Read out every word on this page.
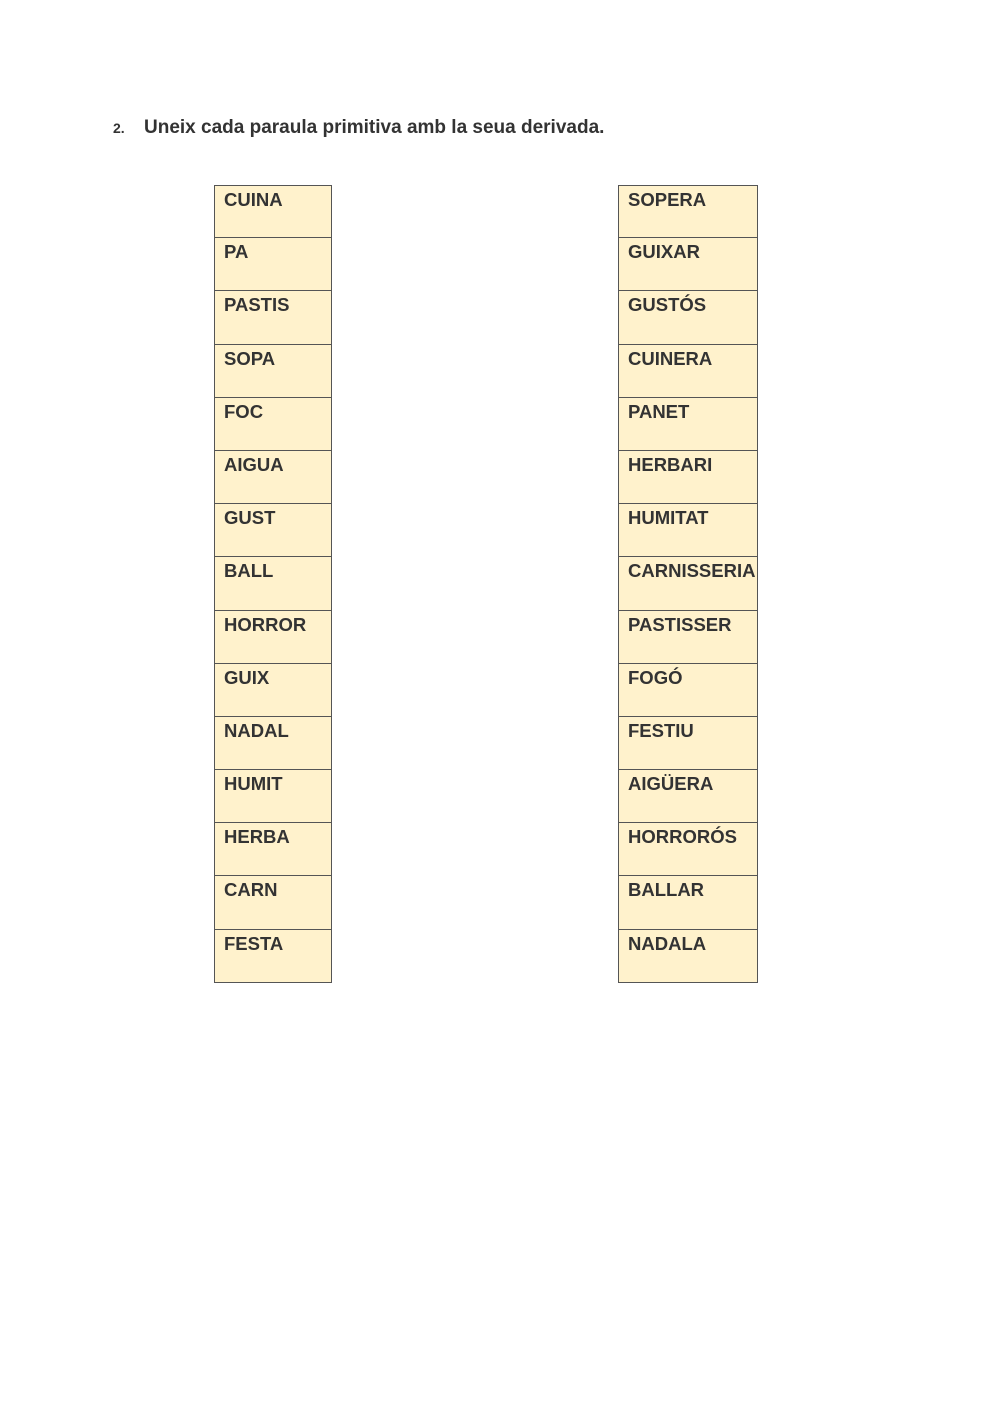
2. Uneix cada paraula primitiva amb la seua derivada.
CUINA
PA
PASTIS
SOPA
FOC
AIGUA
GUST
BALL
HORROR
GUIX
NADAL
HUMIT
HERBA
CARN
FESTA
SOPERA
GUIXAR
GUSTÓS
CUINERA
PANET
HERBARI
HUMITAT
CARNISSERIA
PASTISSER
FOGÓ
FESTIU
AIGÜERA
HORRORÓS
BALLAR
NADALA
